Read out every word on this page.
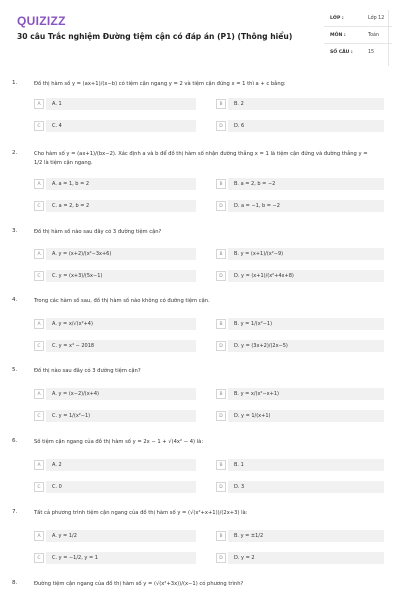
QUIZIZZ
30 câu Trắc nghiệm Đường tiệm cận có đáp án (P1) (Thông hiểu)
LỚP :	Lớp 12
MÔN :	Toán
SỐ CÂU :	15
1.	Đồ thị hàm số y = (ax+1)/(x−b) có tiệm cận ngang y = 2 và tiệm cận đứng x = 1 thì a + c bằng:
A	A. 1	B	B. 2
C	C. 4	D	D. 6
2.	Cho hàm số y = (ax+1)/(bx−2). Xác định a và b để đồ thị hàm số nhận đường thẳng x = 1 là tiệm cận đứng và đường thẳng y = 1/2 là tiệm cận ngang.
A	A. a = 1, b = 2	B	B. a = 2, b = −2
C	C. a = 2, b = 2	D	D. a = −1, b = −2
3.	Đồ thị hàm số nào sau đây có 3 đường tiệm cận?
A	A. y = (x+2)/(x²−3x+6)	B	B. y = (x+1)/(x²−9)
C	C. y = (x+3)/(5x−1)	D	D. y = (x+1)/(x²+4x+8)
4.	Trong các hàm số sau, đồ thị hàm số nào không có đường tiệm cận.
A	A. y = x/√(x²+4)	B	B. y = 1/(x²−1)
C	C. y = x⁴ − 2018	D	D. y = (3x+2)/(2x−5)
5.	Đồ thị nào sau đây có 3 đường tiệm cận?
A	A. y = (x−2)/(x+4)	B	B. y = x/(x²−x+1)
C	C. y = 1/(x²−1)	D	D. y = 1/(x+1)
6.	Số tiệm cận ngang của đồ thị hàm số y = 2x − 1 + √(4x² − 4) là:
A	A. 2	B	B. 1
C	C. 0	D	D. 3
7.	Tất cả phương trình tiệm cận ngang của đồ thị hàm số y = (√(x²+x+1))/(2x+3) là:
A	A. y = 1/2	B	B. y = ±1/2
C	C. y = −1/2, y = 1	D	D. y = 2
8.	Đường tiệm cận ngang của đồ thị hàm số y = (√(x²+3x))/(x−1) có phương trình?
